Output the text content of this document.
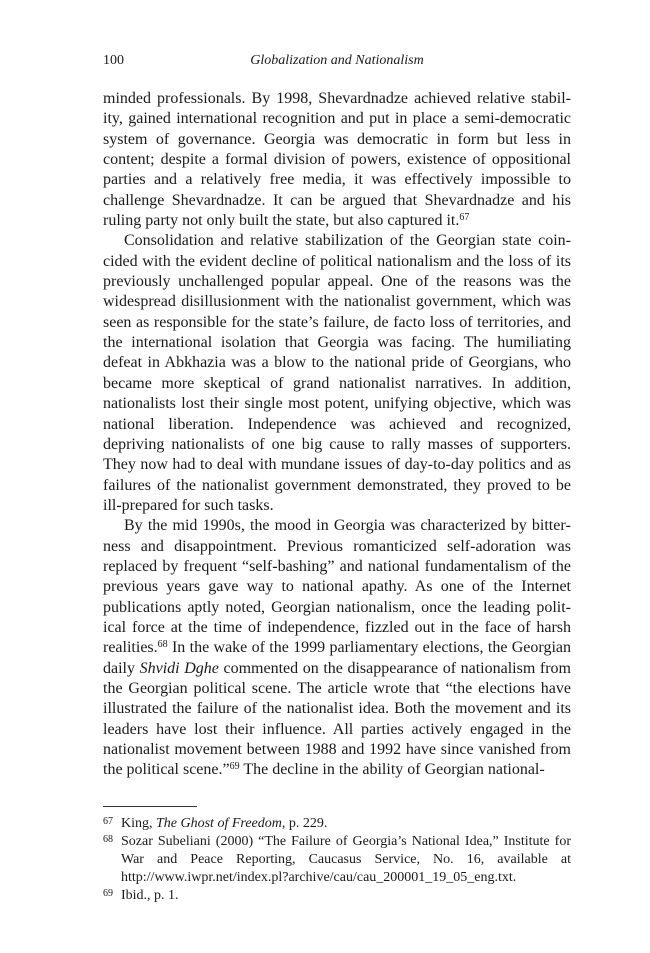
100	Globalization and Nationalism

minded professionals. By 1998, Shevardnadze achieved relative stability, gained international recognition and put in place a semi-democratic system of governance. Georgia was democratic in form but less in content; despite a formal division of powers, existence of oppositional parties and a relatively free media, it was effectively impossible to challenge Shevardnadze. It can be argued that Shevardnadze and his ruling party not only built the state, but also captured it.$^{67}$

Consolidation and relative stabilization of the Georgian state coincided with the evident decline of political nationalism and the loss of its previously unchallenged popular appeal. One of the reasons was the widespread disillusionment with the nationalist government, which was seen as responsible for the state’s failure, de facto loss of territories, and the international isolation that Georgia was facing. The humiliating defeat in Abkhazia was a blow to the national pride of Georgians, who became more skeptical of grand nationalist narratives. In addition, nationalists lost their single most potent, unifying objective, which was national liberation. Independence was achieved and recognized, depriving nationalists of one big cause to rally masses of supporters. They now had to deal with mundane issues of day-to-day politics and as failures of the nationalist government demonstrated, they proved to be ill-prepared for such tasks.

By the mid 1990s, the mood in Georgia was characterized by bitterness and disappointment. Previous romanticized self-adoration was replaced by frequent “self-bashing” and national fundamentalism of the previous years gave way to national apathy. As one of the Internet publications aptly noted, Georgian nationalism, once the leading political force at the time of independence, fizzled out in the face of harsh realities.$^{68}$ In the wake of the 1999 parliamentary elections, the Georgian daily Shvidi Dghe commented on the disappearance of nationalism from the Georgian political scene. The article wrote that “the elections have illustrated the failure of the nationalist idea. Both the movement and its leaders have lost their influence. All parties actively engaged in the nationalist movement between 1988 and 1992 have since vanished from the political scene.”$^{69}$ The decline in the ability of Georgian national-

67 King, The Ghost of Freedom, p. 229.
68 Sozar Subeliani (2000) “The Failure of Georgia’s National Idea,” Institute for War and Peace Reporting, Caucasus Service, No. 16, available at http://www.iwpr.net/index.pl?archive/cau/cau_200001_19_05_eng.txt.
69 Ibid., p. 1.
